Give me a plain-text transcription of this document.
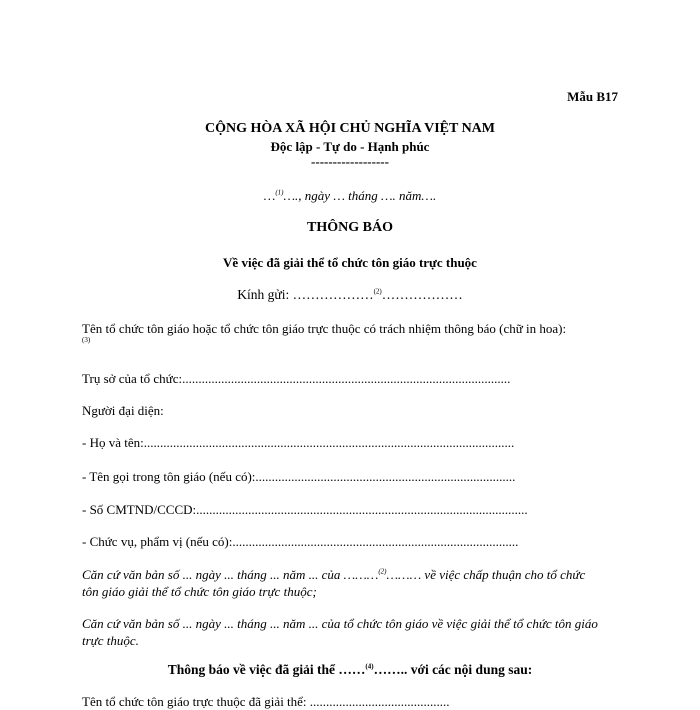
Mẫu B17
CỘNG HÒA XÃ HỘI CHỦ NGHĨA VIỆT NAM
Độc lập - Tự do - Hạnh phúc
------------------
…$^{(1)}$…., ngày … tháng …. năm….
THÔNG BÁO
Về việc đã giải thể tổ chức tôn giáo trực thuộc
Kính gửi: ………………$^{(2)}$………………
Tên tổ chức tôn giáo hoặc tổ chức tôn giáo trực thuộc có trách nhiệm thông báo (chữ in hoa):
(3)
Trụ sở của tổ chức:.....................................................................................................
Người đại diện:
- Họ và tên:..................................................................................................................
- Tên gọi trong tôn giáo (nếu có):................................................................................
- Số CMTND/CCCD:......................................................................................................
- Chức vụ, phẩm vị (nếu có):........................................................................................
Căn cứ văn bản số ... ngày ... tháng ... năm ... của ………$^{(2)}$……… về việc chấp thuận cho tổ chức tôn giáo giải thể tổ chức tôn giáo trực thuộc;
Căn cứ văn bản số ... ngày ... tháng ... năm ... của tổ chức tôn giáo về việc giải thể tổ chức tôn giáo trực thuộc.
Thông báo về việc đã giải thể ……$^{(4)}$…….. với các nội dung sau:
Tên tổ chức tôn giáo trực thuộc đã giải thể: ...........................................
